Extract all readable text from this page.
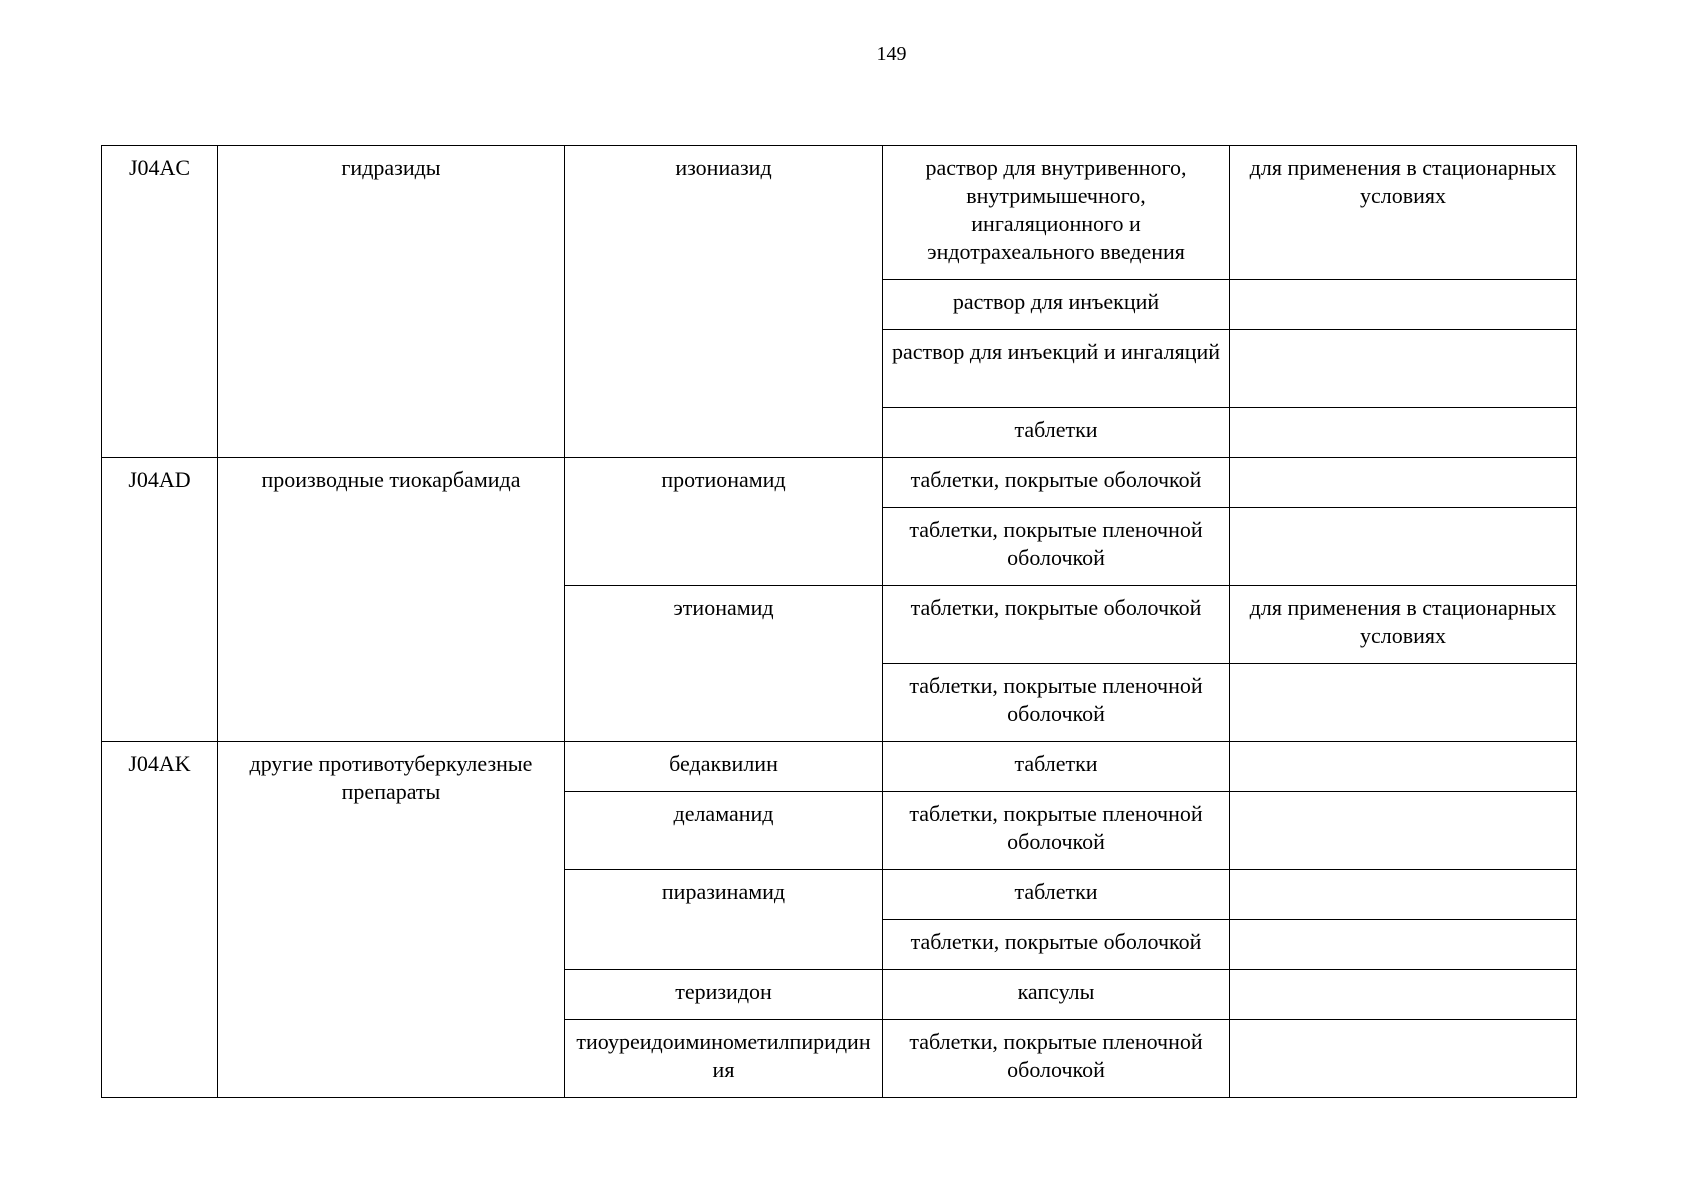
149
J04AC	гидразиды	изониазид	раствор для внутривенного, внутримышечного, ингаляционного и эндотрахеального введения	для применения в стационарных условиях
			раствор для инъекций	
			раствор для инъекций и ингаляций	
			таблетки	
J04AD	производные тиокарбамида	протионамид	таблетки, покрытые оболочкой	
			таблетки, покрытые пленочной оболочкой	
		этионамид	таблетки, покрытые оболочкой	для применения в стационарных условиях
			таблетки, покрытые пленочной оболочкой	
J04AK	другие противотуберкулезные препараты	бедаквилин	таблетки	
		деламанид	таблетки, покрытые пленочной оболочкой	
		пиразинамид	таблетки	
			таблетки, покрытые оболочкой	
		теризидон	капсулы	
		тиоуреидоиминометилпиридиния	таблетки, покрытые пленочной оболочкой	
